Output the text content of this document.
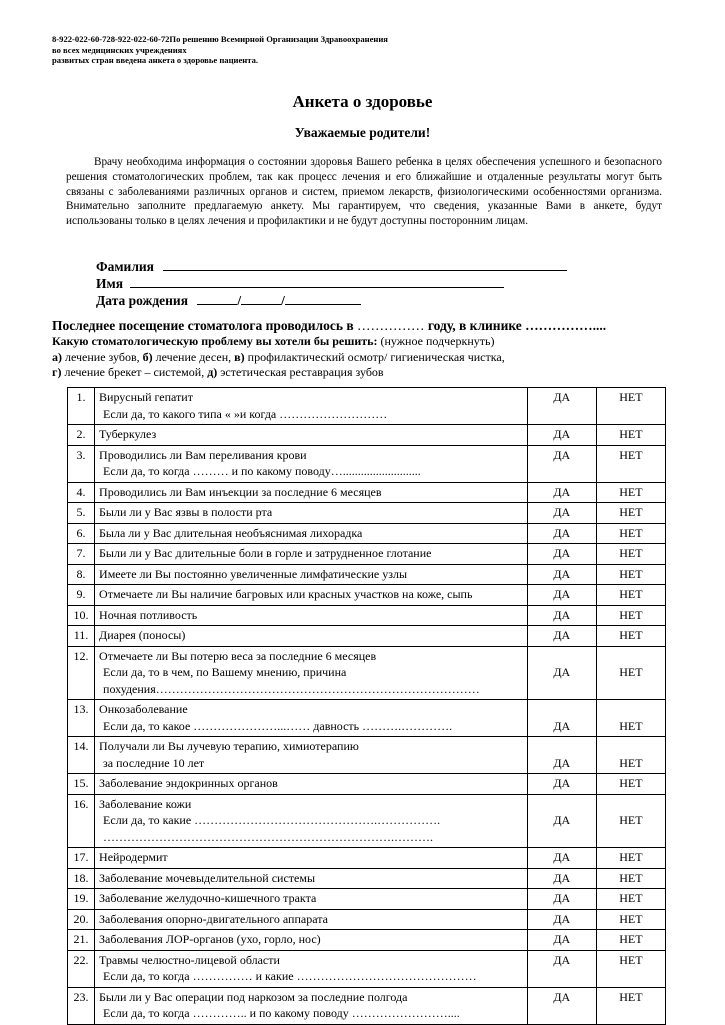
8-922-022-60-728-922-022-60-72По решению Всемирной Организации Здравоохранения
во всех медицинских учреждениях
развитых стран введена анкета о здоровье пациента.
Анкета о здоровье
Уважаемые родители!

Врачу необходима информация о состоянии здоровья Вашего ребенка в целях обеспечения успешного и безопасного решения стоматологических проблем, так как процесс лечения и его ближайшие и отдаленные результаты могут быть связаны с заболеваниями различных органов и систем, приемом лекарств, физиологическими особенностями организма. Внимательно заполните предлагаемую анкету. Мы гарантируем, что сведения, указанные Вами в анкете, будут использованы только в целях лечения и профилактики и не будут доступны посторонним лицам.

Фамилия
Имя
Дата рождения	/	/
Последнее посещение стоматолога проводилось в …………… году, в клинике ……………....
Какую стоматологическую проблему вы хотели бы решить: (нужное подчеркнуть)
а) лечение зубов, б) лечение десен, в) профилактический осмотр/ гигиеническая чистка,
г) лечение брекет – системой, д) эстетическая реставрация зубов
1.	Вирусный гепатит
Если да, то какого типа « »и когда ………………………	ДА	НЕТ
2.	Туберкулез	ДА	НЕТ
3.	Проводились ли Вам переливания крови
Если да, то когда ……… и по какому поводу…..........................	ДА	НЕТ
4.	Проводились ли Вам инъекции за последние 6 месяцев	ДА	НЕТ
5.	Были ли у Вас язвы в полости рта	ДА	НЕТ
6.	Была ли у Вас длительная необъяснимая лихорадка	ДА	НЕТ
7.	Были ли у Вас длительные боли в горле и затрудненное глотание	ДА	НЕТ
8.	Имеете ли Вы постоянно увеличенные лимфатические узлы	ДА	НЕТ
9.	Отмечаете ли Вы наличие багровых или красных участков на коже, сыпь	ДА	НЕТ
10.	Ночная потливость	ДА	НЕТ
11.	Диарея (поносы)	ДА	НЕТ
12.	Отмечаете ли Вы потерю веса за последние 6 месяцев
Если да, то в чем, по Вашему мнению, причина
похудения………………………………………………………………………	ДА	НЕТ
13.	Онкозаболевание
Если да, то какое …………………...…… давность ……….………….	ДА	НЕТ
14.	Получали ли Вы лучевую терапию, химиотерапию
за последние 10 лет	ДА	НЕТ
15.	Заболевание эндокринных органов	ДА	НЕТ
16.	Заболевание кожи
Если да, то какие ……………………………………….…………….
……………………………………………………………….……….	ДА	НЕТ
17.	Нейродермит	ДА	НЕТ
18.	Заболевание мочевыделительной системы	ДА	НЕТ
19.	Заболевание желудочно-кишечного тракта	ДА	НЕТ
20.	Заболевания опорно-двигательного аппарата	ДА	НЕТ
21.	Заболевания ЛОР-органов (ухо, горло, нос)	ДА	НЕТ
22.	Травмы челюстно-лицевой области
Если да, то когда …………… и какие ………………………………………	ДА	НЕТ
23.	Были ли у Вас операции под наркозом за последние полгода
Если да, то когда ………….. и по какому поводу ……………………....	ДА	НЕТ
